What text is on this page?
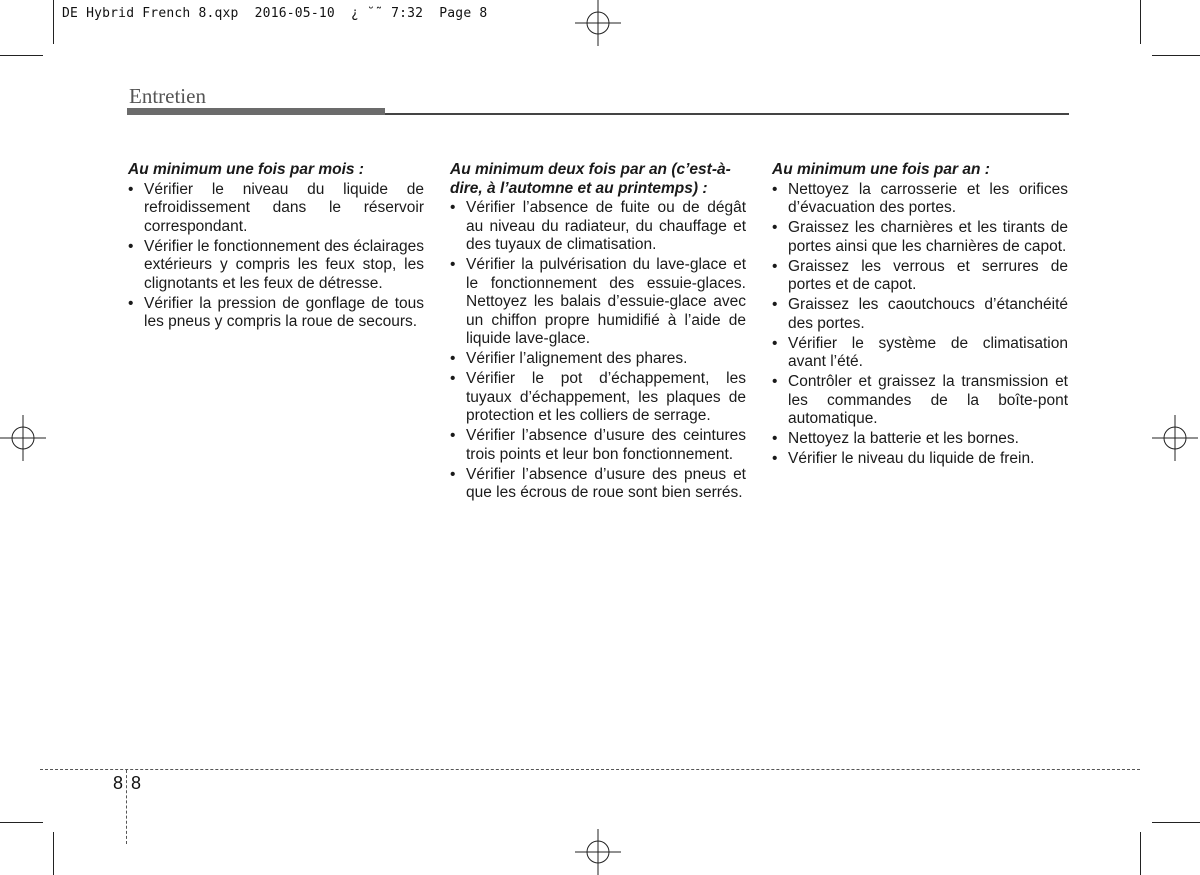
DE Hybrid French 8.qxp  2016-05-10  ¿ ˘˜ 7:32  Page 8
Entretien
Au minimum une fois par mois :
• Vérifier le niveau du liquide de refroidissement dans le réservoir correspondant.
• Vérifier le fonctionnement des éclairages extérieurs y compris les feux stop, les clignotants et les feux de détresse.
• Vérifier la pression de gonflage de tous les pneus y compris la roue de secours.
Au minimum deux fois par an (c’est-à-dire, à l’automne et au printemps) :
• Vérifier l’absence de fuite ou de dégât au niveau du radiateur, du chauffage et des tuyaux de climatisation.
• Vérifier la pulvérisation du lave-glace et le fonctionnement des essuie-glaces. Nettoyez les balais d’essuie-glace avec un chiffon propre humidifié à l’aide de liquide lave-glace.
• Vérifier l’alignement des phares.
• Vérifier le pot d’échappement, les tuyaux d’échappement, les plaques de protection et les colliers de serrage.
• Vérifier l’absence d’usure des ceintures trois points et leur bon fonctionnement.
• Vérifier l’absence d’usure des pneus et que les écrous de roue sont bien serrés.
Au minimum une fois par an :
• Nettoyez la carrosserie et les orifices d’évacuation des portes.
• Graissez les charnières et les tirants de portes ainsi que les charnières de capot.
• Graissez les verrous et serrures de portes et de capot.
• Graissez les caoutchoucs d’étanchéité des portes.
• Vérifier le système de climatisation avant l’été.
• Contrôler et graissez la transmission et les commandes de la boîte-pont automatique.
• Nettoyez la batterie et les bornes.
• Vérifier le niveau du liquide de frein.
8 8
